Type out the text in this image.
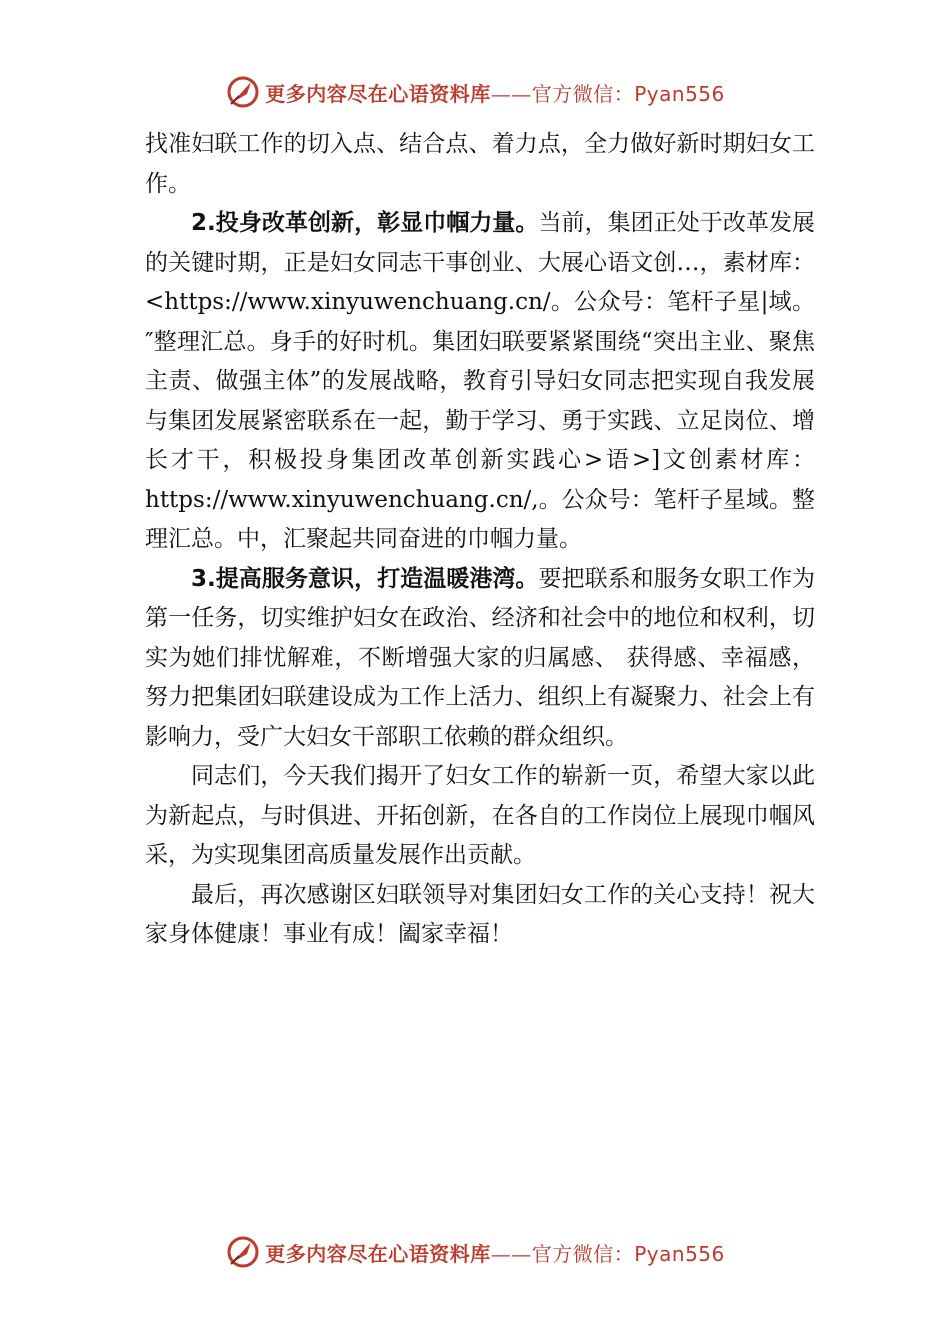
更多内容尽在心语资料库——官方微信：Pyan556

找准妇联工作的切入点、结合点、着力点，全力做好新时期妇女工作。

2.投身改革创新，彰显巾帼力量。当前，集团正处于改革发展的关键时期，正是妇女同志干事创业、大展心语文创…，素材库：<https://www.xinyuwenchuang.cn/。公众号：笔杆子星|域。″整理汇总。身手的好时机。集团妇联要紧紧围绕“突出主业、聚焦主责、做强主体”的发展战略，教育引导妇女同志把实现自我发展与集团发展紧密联系在一起，勤于学习、勇于实践、立足岗位、增长才干，积极投身集团改革创新实践心>语>]文创素材库：https://www.xinyuwenchuang.cn/,。公众号：笔杆子星域。整理汇总。中，汇聚起共同奋进的巾帼力量。

3.提高服务意识，打造温暖港湾。要把联系和服务女职工作为第一任务，切实维护妇女在政治、经济和社会中的地位和权利，切实为她们排忧解难，不断增强大家的归属感、 获得感、幸福感，努力把集团妇联建设成为工作上活力、组织上有凝聚力、社会上有影响力，受广大妇女干部职工依赖的群众组织。

同志们，今天我们揭开了妇女工作的崭新一页，希望大家以此为新起点，与时俱进、开拓创新，在各自的工作岗位上展现巾帼风采，为实现集团高质量发展作出贡献。

最后，再次感谢区妇联领导对集团妇女工作的关心支持！祝大家身体健康！事业有成！阖家幸福！

更多内容尽在心语资料库——官方微信：Pyan556
